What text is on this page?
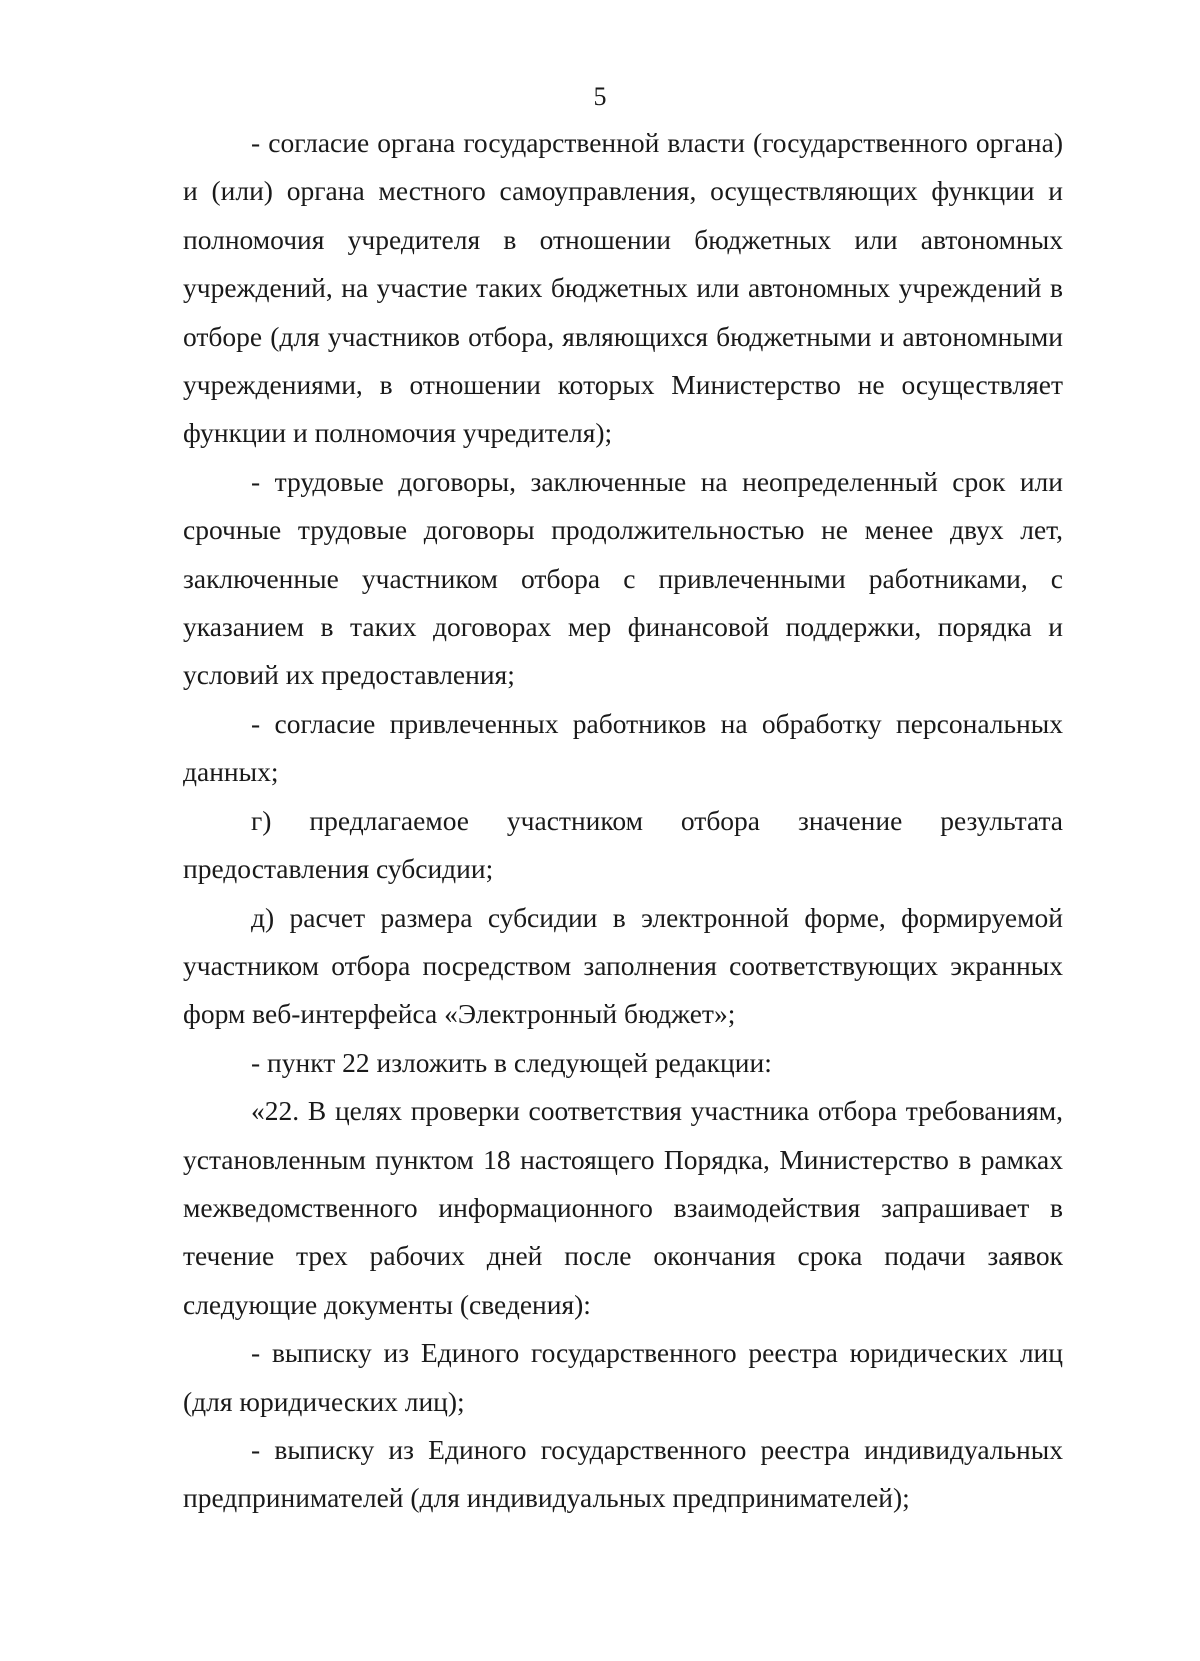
5

- согласие органа государственной власти (государственного органа) и (или) органа местного самоуправления, осуществляющих функции и полномочия учредителя в отношении бюджетных или автономных учреждений, на участие таких бюджетных или автономных учреждений в отборе (для участников отбора, являющихся бюджетными и автономными учреждениями, в отношении которых Министерство не осуществляет функции и полномочия учредителя);

- трудовые договоры, заключенные на неопределенный срок или срочные трудовые договоры продолжительностью не менее двух лет, заключенные участником отбора с привлеченными работниками, с указанием в таких договорах мер финансовой поддержки, порядка и условий их предоставления;

- согласие привлеченных работников на обработку персональных данных;

г) предлагаемое участником отбора значение результата предоставления субсидии;

д) расчет размера субсидии в электронной форме, формируемой участником отбора посредством заполнения соответствующих экранных форм веб-интерфейса «Электронный бюджет»;

- пункт 22 изложить в следующей редакции:

«22. В целях проверки соответствия участника отбора требованиям, установленным пунктом 18 настоящего Порядка, Министерство в рамках межведомственного информационного взаимодействия запрашивает в течение трех рабочих дней после окончания срока подачи заявок следующие документы (сведения):

- выписку из Единого государственного реестра юридических лиц (для юридических лиц);

- выписку из Единого государственного реестра индивидуальных предпринимателей (для индивидуальных предпринимателей);
